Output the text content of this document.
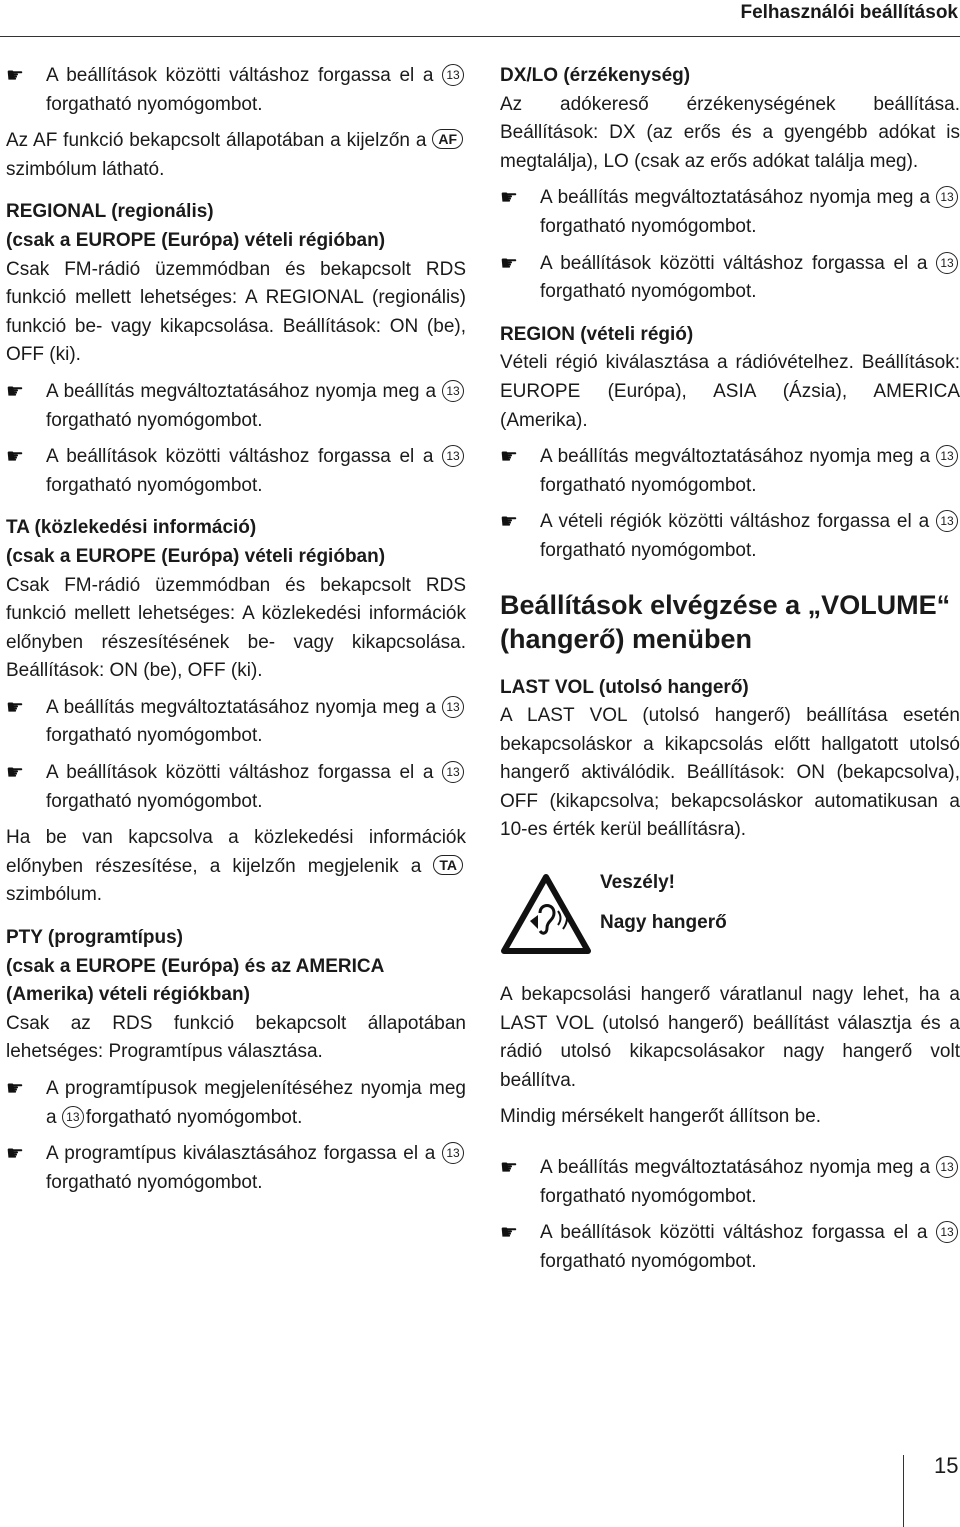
Felhasználói beállítások
☛ A beállítások közötti váltáshoz forgassa el a 13forgatható nyomógombot.

Az AF funkció bekapcsolt állapotában a kijelzőn a AFszimbólum látható.

REGIONAL (regionális)
(csak a EUROPE (Európa) vételi régióban)

Csak FM-rádió üzemmódban és bekapcsolt RDS funkció mellett lehetséges: A REGIONAL (regionális) funkció be- vagy kikapcsolása. Beállítások: ON (be), OFF (ki).

☛ A beállítás megváltoztatásához nyomja meg a 13forgatható nyomógombot.
☛ A beállítások közötti váltáshoz forgassa el a 13forgatható nyomógombot.
TA (közlekedési információ)
(csak a EUROPE (Európa) vételi régióban)

Csak FM-rádió üzemmódban és bekapcsolt RDS funkció mellett lehetséges: A közlekedési információk előnyben részesítésének be- vagy kikapcsolása. Beállítások: ON (be), OFF (ki).

☛ A beállítás megváltoztatásához nyomja meg a 13forgatható nyomógombot.
☛ A beállítások közötti váltáshoz forgassa el a 13forgatható nyomógombot.

Ha be van kapcsolva a közlekedési információk előnyben részesítése, a kijelzőn megjelenik a TA szimbólum.

PTY (programtípus)
(csak a EUROPE (Európa) és az AMERICA (Amerika) vételi régiókban)

Csak az RDS funkció bekapcsolt állapotában lehetséges: Programtípus választása.

☛ A programtípusok megjelenítéséhez nyomja meg a 13 forgatható nyomógombot.
☛ A programtípus kiválasztásához forgassa el a 13forgatható nyomógombot.
DX/LO (érzékenység)

Az adókereső érzékenységének beállítása. Beállítások: DX (az erős és a gyengébb adókat is megtalálja), LO (csak az erős adókat találja meg).

☛ A beállítás megváltoztatásához nyomja meg a 13forgatható nyomógombot.
☛ A beállítások közötti váltáshoz forgassa el a 13forgatható nyomógombot.
REGION (vételi régió)

Vételi régió kiválasztása a rádióvételhez. Beállítások: EUROPE (Európa), ASIA (Ázsia), AMERICA (Amerika).

☛ A beállítás megváltoztatásához nyomja meg a 13forgatható nyomógombot.
☛ A vételi régiók közötti váltáshoz forgassa el a 13forgatható nyomógombot.
Beállítások elvégzése a „VOLUME“ (hangerő) menüben
LAST VOL (utolsó hangerő)

A LAST VOL (utolsó hangerő) beállítása esetén bekapcsoláskor a kikapcsolás előtt hallgatott utolsó hangerő aktiválódik. Beállítások: ON (bekapcsolva), OFF (kikapcsolva; bekapcsoláskor automatikusan a 10-es érték kerül beállításra).

Veszély!
Nagy hangerő

A bekapcsolási hangerő váratlanul nagy lehet, ha a LAST VOL (utolsó hangerő) beállítást választja és a rádió utolsó kikapcsolásakor nagy hangerő volt beállítva.

Mindig mérsékelt hangerőt állítson be.

☛ A beállítás megváltoztatásához nyomja meg a 13forgatható nyomógombot.
☛ A beállítások közötti váltáshoz forgassa el a 13forgatható nyomógombot.
15
